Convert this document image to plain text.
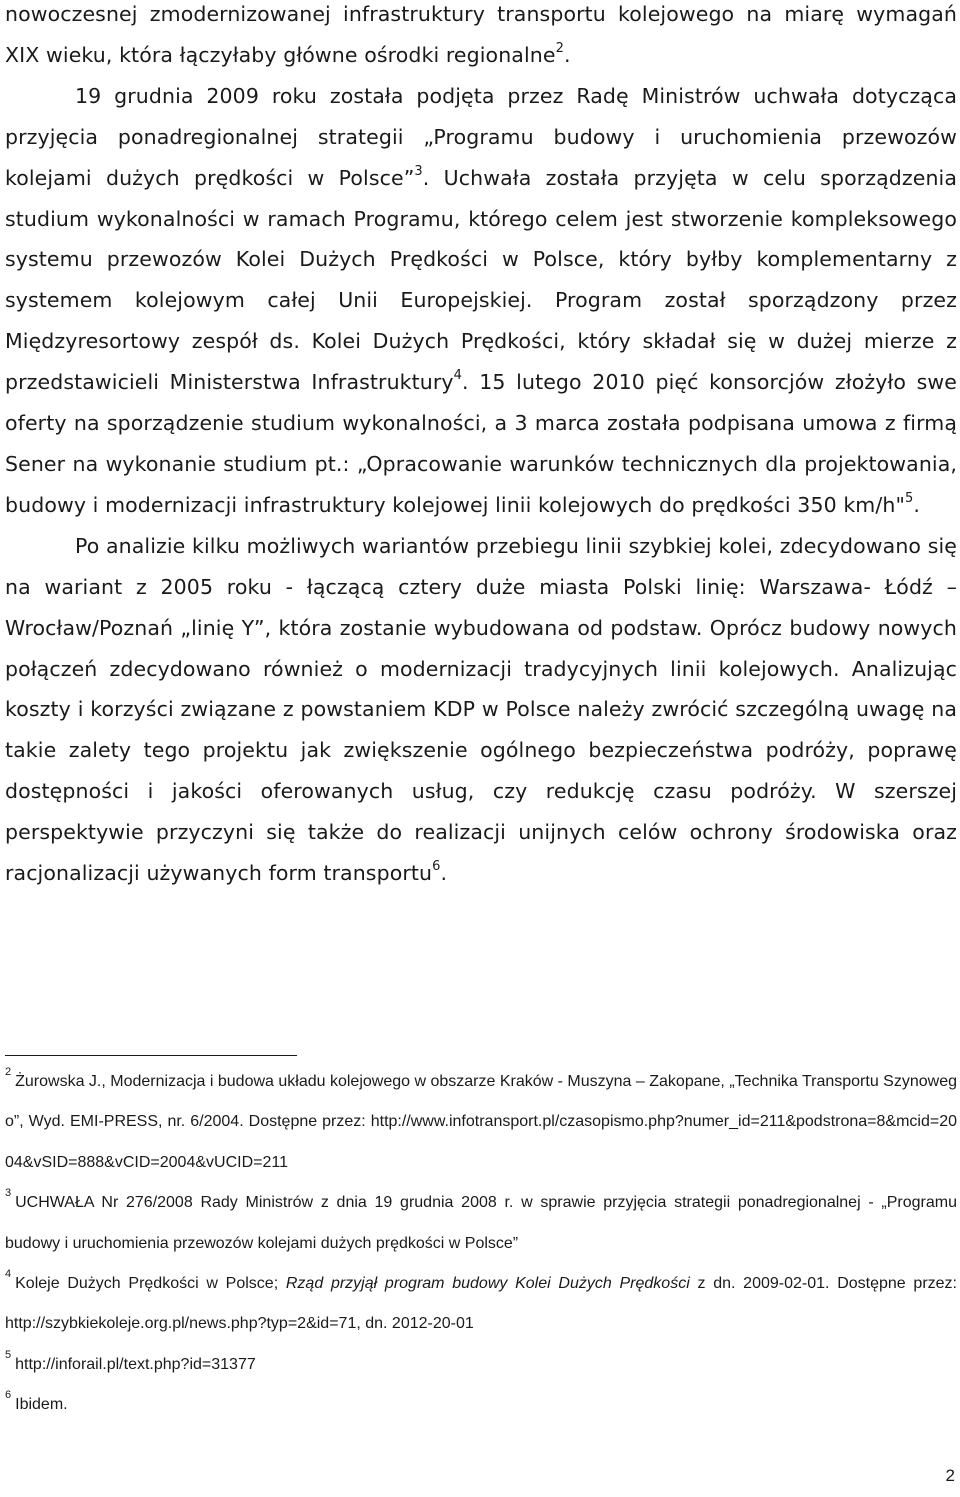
nowoczesnej zmodernizowanej infrastruktury transportu kolejowego na miarę wymagań XIX wieku, która łączyłaby główne ośrodki regionalne$^2$.

19 grudnia 2009 roku została podjęta przez Radę Ministrów uchwała dotycząca przyjęcia ponadregionalnej strategii „Programu budowy i uruchomienia przewozów kolejami dużych prędkości w Polsce”$^3$. Uchwała została przyjęta w celu sporządzenia studium wykonalności w ramach Programu, którego celem jest stworzenie kompleksowego systemu przewozów Kolei Dużych Prędkości w Polsce, który byłby komplementarny z systemem kolejowym całej Unii Europejskiej. Program został sporządzony przez Międzyresortowy zespół ds. Kolei Dużych Prędkości, który składał się w dużej mierze z przedstawicieli Ministerstwa Infrastruktury$^4$. 15 lutego 2010 pięć konsorcjów złożyło swe oferty na sporządzenie studium wykonalności, a 3 marca została podpisana umowa z firmą Sener na wykonanie studium pt.: „Opracowanie warunków technicznych dla projektowania, budowy i modernizacji infrastruktury kolejowej linii kolejowych do prędkości 350 km/h"$^5$.

Po analizie kilku możliwych wariantów przebiegu linii szybkiej kolei, zdecydowano się na wariant z 2005 roku - łączącą cztery duże miasta Polski linię: Warszawa- Łódź – Wrocław/Poznań „linię Y”, która zostanie wybudowana od podstaw. Oprócz budowy nowych połączeń zdecydowano również o modernizacji tradycyjnych linii kolejowych. Analizując koszty i korzyści związane z powstaniem KDP w Polsce należy zwrócić szczególną uwagę na takie zalety tego projektu jak zwiększenie ogólnego bezpieczeństwa podróży, poprawę dostępności i jakości oferowanych usług, czy redukcję czasu podróży. W szerszej perspektywie przyczyni się także do realizacji unijnych celów ochrony środowiska oraz racjonalizacji używanych form transportu$^6$.

$^2$Żurowska J., Modernizacja i budowa układu kolejowego w obszarze Kraków - Muszyna – Zakopane, „Technika Transportu Szynowego”, Wyd. EMI-PRESS, nr. 6/2004. Dostępne przez: http://www.infotransport.pl/czasopismo.php?numer_id=211&podstrona=8&mcid=2004&vSID=888&vCID=2004&vUCID=211

$^3$UCHWAŁA Nr 276/2008 Rady Ministrów z dnia 19 grudnia 2008 r. w sprawie przyjęcia strategii ponadregionalnej - „Programu budowy i uruchomienia przewozów kolejami dużych prędkości w Polsce”

$^4$Koleje Dużych Prędkości w Polsce; Rząd przyjął program budowy Kolei Dużych Prędkości z dn. 2009-02-01. Dostępne przez: http://szybkiekoleje.org.pl/news.php?typ=2&id=71, dn. 2012-20-01

$^5$http://inforail.pl/text.php?id=31377

$^6$Ibidem.

2
